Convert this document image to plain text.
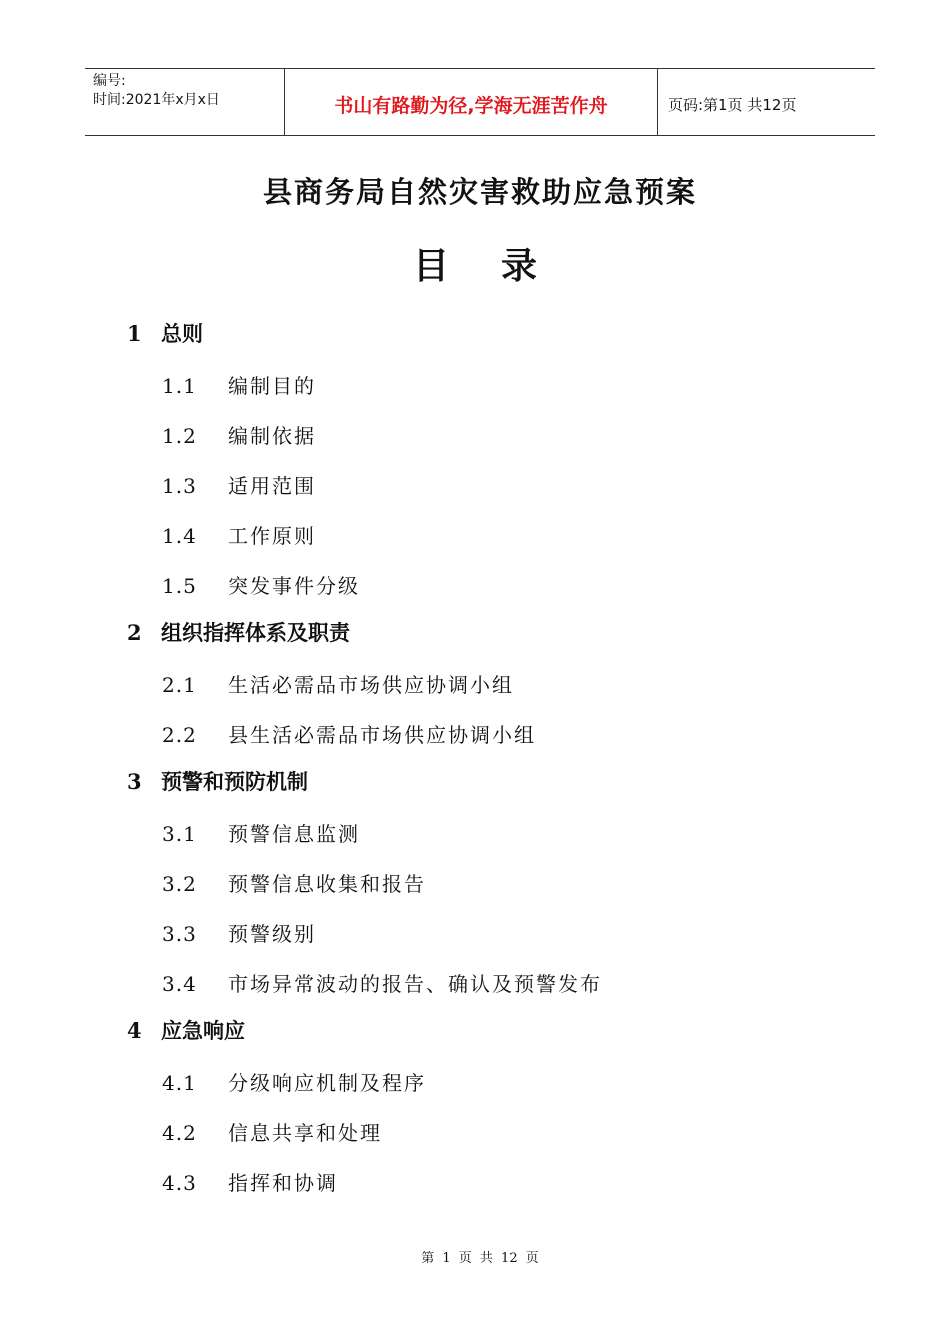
编号:
时间:2021年x月x日	书山有路勤为径,学海无涯苦作舟	页码:第1页 共12页
县商务局自然灾害救助应急预案
目 录
1 总则
1.1 编制目的
1.2 编制依据
1.3 适用范围
1.4 工作原则
1.5 突发事件分级
2 组织指挥体系及职责
2.1 生活必需品市场供应协调小组
2.2 县生活必需品市场供应协调小组
3 预警和预防机制
3.1 预警信息监测
3.2 预警信息收集和报告
3.3 预警级别
3.4 市场异常波动的报告、确认及预警发布
4 应急响应
4.1 分级响应机制及程序
4.2 信息共享和处理
4.3 指挥和协调
第 1 页 共 12 页
